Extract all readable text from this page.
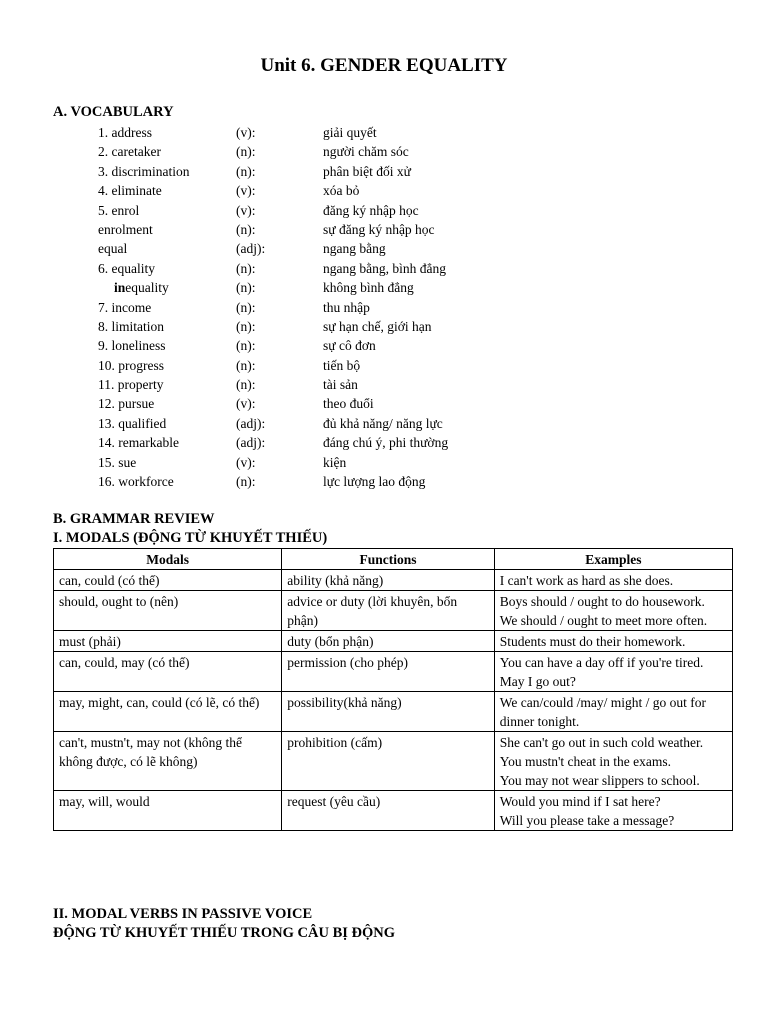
Unit 6. GENDER EQUALITY
A. VOCABULARY
1. address	(v):	giải quyết
2. caretaker	(n):	người chăm sóc
3. discrimination	(n):	phân biệt đối xử
4. eliminate	(v):	xóa bỏ
5. enrol	(v):	đăng ký nhập học
enrolment	(n):	sự đăng ký nhập học
equal	(adj):	ngang bằng
6. equality	(n):	ngang bằng, bình đẳng
inequality	(n):	không bình đẳng
7. income	(n):	thu nhập
8. limitation	(n):	sự hạn chế, giới hạn
9. loneliness	(n):	sự cô đơn
10. progress	(n):	tiến bộ
11. property	(n):	tài sản
12. pursue	(v):	theo đuổi
13. qualified	(adj):	đủ khả năng/ năng lực
14. remarkable	(adj):	đáng chú ý, phi thường
15. sue	(v):	kiện
16. workforce	(n):	lực lượng lao động
B. GRAMMAR REVIEW
I. MODALS (ĐỘNG TỪ KHUYẾT THIẾU)
Modals	Functions	Examples
can, could (có thể)	ability (khả năng)	I can't work as hard as she does.

should, ought to (nên)	advice or duty (lời khuyên, bổn phận)	Boys should / ought to do housework.
We should / ought to meet more often.

must (phải)	duty (bổn phận)	Students must do their homework.

can, could, may (có thể)	permission (cho phép)	You can have a day off if you're tired.
May I go out?

may, might, can, could (có lẽ, có thể)	possibility(khả năng)	We can/could /may/ might / go out for dinner tonight.

can't, mustn't, may not (không thể không được, có lẽ không)	prohibition (cấm)	She can't go out in such cold weather. You mustn't cheat in the exams.
You may not wear slippers to school.

may, will, would	request (yêu cầu)	Would you mind if I sat here?
Will you please take a message?
II. MODAL VERBS IN PASSIVE VOICE
ĐỘNG TỪ KHUYẾT THIẾU TRONG CÂU BỊ ĐỘNG
